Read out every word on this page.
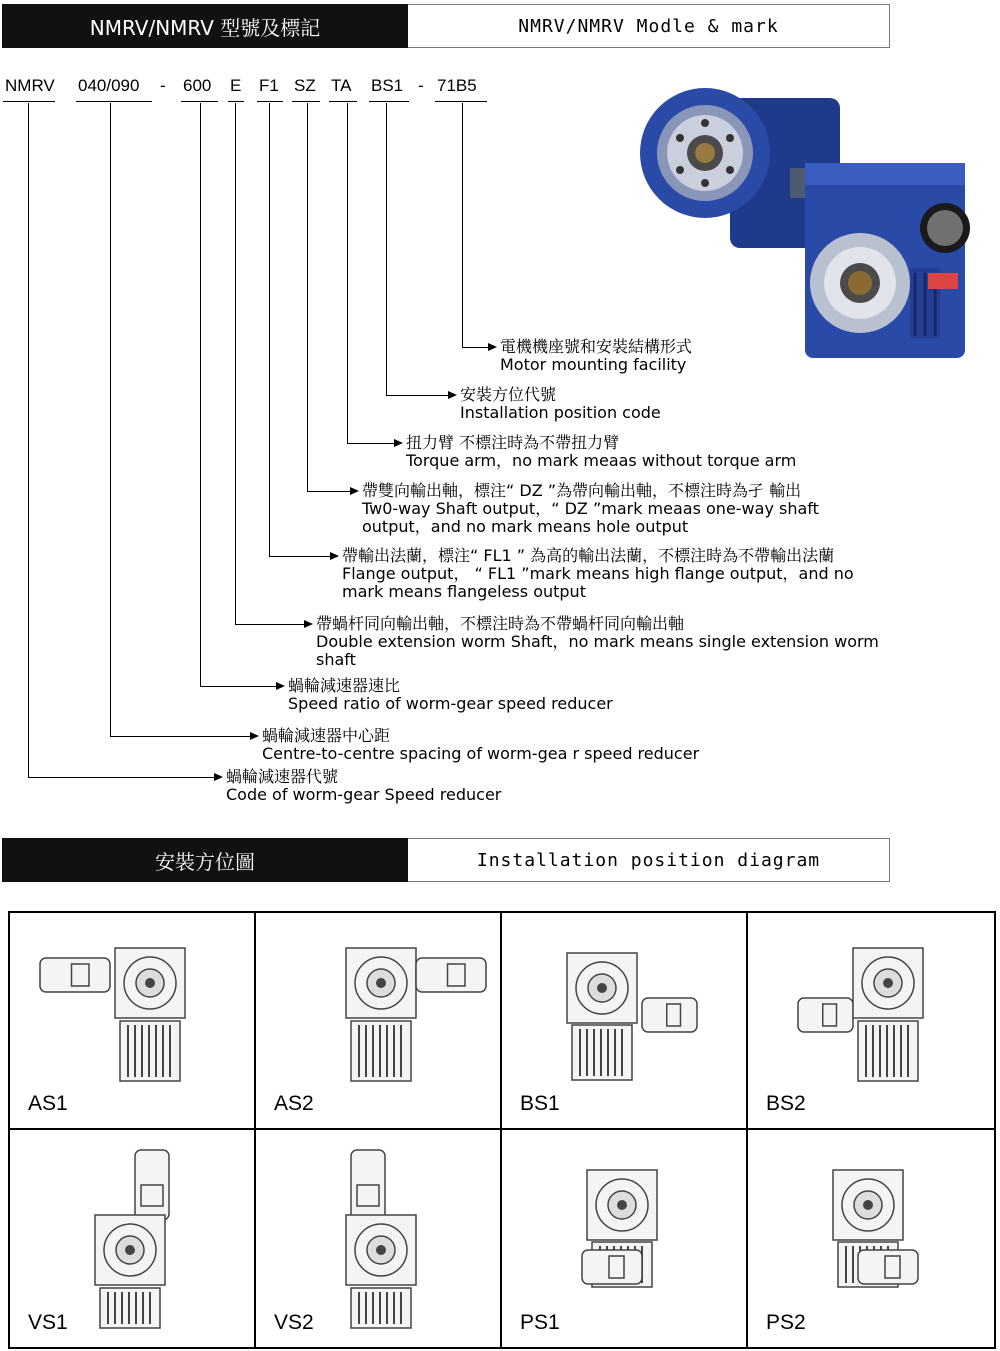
NMRV/NMRV 型號及標記	NMRV/NMRV Modle & mark
NMRV 040/090 - 600 E F1 SZ TA BS1 - 71B5
電機機座號和安裝結構形式
Motor mounting facility
安裝方位代號
Installation position code
扭力臂 不標注時為不帶扭力臂
Torque arm，no mark meaas without torque arm
帶雙向輸出軸，標注“ DZ ”為帶向輸出軸，不標注時為孑 輸出
Tw0-way Shaft output，“ DZ ”mark meaas one-way shaft
output，and no mark means hole output
帶輸出法蘭，標注“ FL1 ” 為高的輸出法蘭，不標注時為不帶輸出法蘭
Flange output， “ FL1 ”mark means high flange output，and no
mark means flangeless output
帶蝸杆同向輸出軸，不標注時為不帶蝸杆同向輸出軸
Double extension worm Shaft，no mark means single extension worm
shaft
蝸輪減速器速比
Speed ratio of worm-gear speed reducer
蝸輪減速器中心距
Centre-to-centre spacing of worm-gea r speed reducer
蝸輪減速器代號
Code of worm-gear Speed reducer
安裝方位圖	Installation position diagram
AS1	AS2	BS1	BS2
VS1	VS2	PS1	PS2
